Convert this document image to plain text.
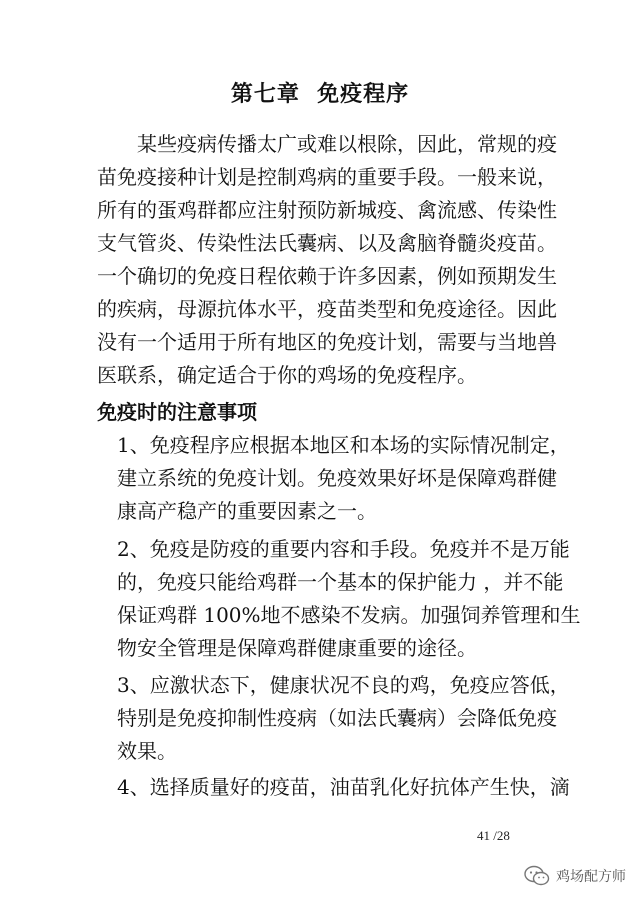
第七章  免疫程序
某些疫病传播太广或难以根除，因此，常规的疫
苗免疫接种计划是控制鸡病的重要手段。一般来说，
所有的蛋鸡群都应注射预防新城疫、禽流感、传染性
支气管炎、传染性法氏囊病、以及禽脑脊髓炎疫苗。
一个确切的免疫日程依赖于许多因素，例如预期发生
的疾病，母源抗体水平，疫苗类型和免疫途径。因此
没有一个适用于所有地区的免疫计划，需要与当地兽
医联系，确定适合于你的鸡场的免疫程序。
免疫时的注意事项
1、免疫程序应根据本地区和本场的实际情况制定，
建立系统的免疫计划。免疫效果好坏是保障鸡群健
康高产稳产的重要因素之一。
2、免疫是防疫的重要内容和手段。免疫并不是万能
的，免疫只能给鸡群一个基本的保护能力 ，并不能
保证鸡群 100%地不感染不发病。加强饲养管理和生
物安全管理是保障鸡群健康重要的途径。
3、应激状态下，健康状况不良的鸡，免疫应答低，
特别是免疫抑制性疫病（如法氏囊病）会降低免疫
效果。
4、选择质量好的疫苗，油苗乳化好抗体产生快，滴
41 /28
鸡场配方师
